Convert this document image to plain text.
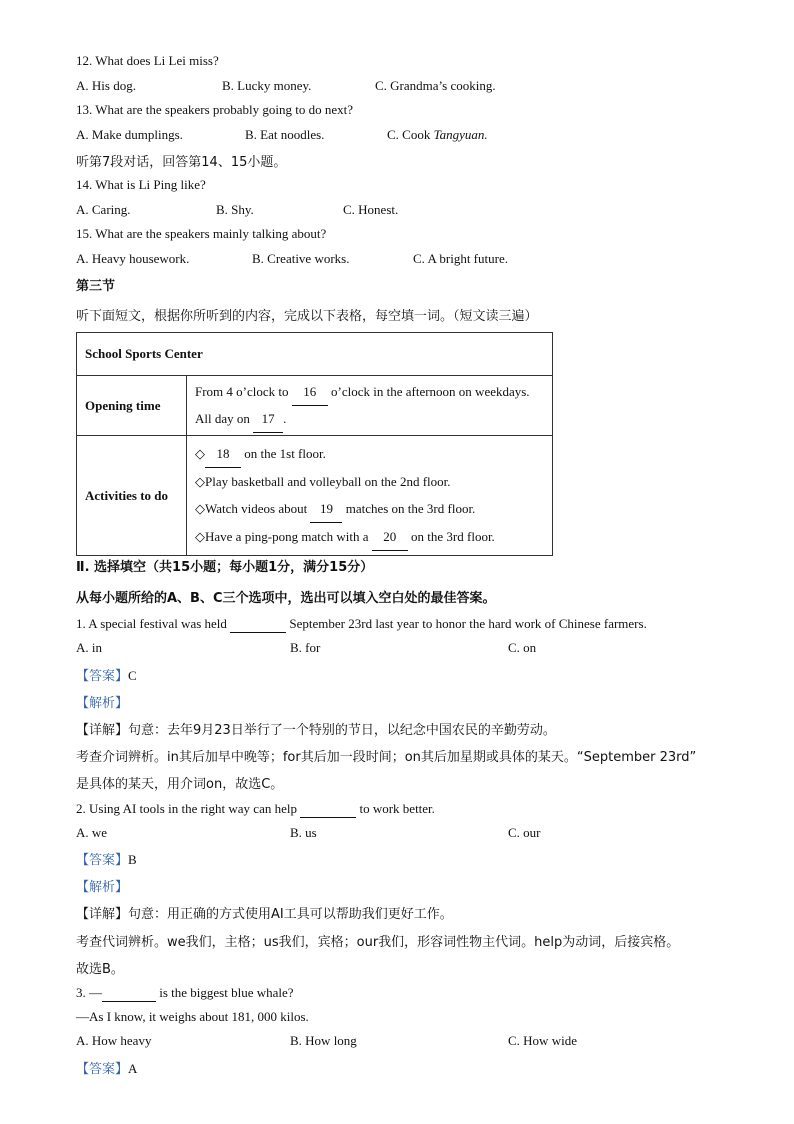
12. What does Li Lei miss?
A. His dog.	B. Lucky money.	C. Grandma’s cooking.
13. What are the speakers probably going to do next?
A. Make dumplings.	B. Eat noodles.	C. Cook Tangyuan.
听第7段对话，回答第14、15小题。
14. What is Li Ping like?
A. Caring.	B. Shy.	C. Honest.
15. What are the speakers mainly talking about?
A. Heavy housework.	B. Creative works.	C. A bright future.
第三节
听下面短文，根据你所听到的内容，完成以下表格，每空填一词。（短文读三遍）
School Sports Center	
Opening time	From 4 o’clock to 16 o’clock in the afternoon on weekdays.
All day on 17 .

Activities to do	◇ 18 on the 1st floor.
◇Play basketball and volleyball on the 2nd floor.
◇Watch videos about 19 matches on the 3rd floor.
◇Have a ping-pong match with a 20 on the 3rd floor.
Ⅱ. 选择填空（共15小题；每小题1分，满分15分）
从每小题所给的A、B、C三个选项中，选出可以填入空白处的最佳答案。
1. A special festival was held	September 23rd last year to honor the hard work of Chinese farmers.
A. in	B. for	C. on
【答案】C
【解析】
【详解】句意：去年9月23日举行了一个特别的节日，以纪念中国农民的辛勤劳动。
考查介词辨析。in其后加早中晚等；for其后加一段时间；on其后加星期或具体的某天。“September 23rd”
是具体的某天，用介词on，故选C。
2. Using AI tools in the right way can help	to work better.
A. we	B. us	C. our
【答案】B
【解析】
【详解】句意：用正确的方式使用AI工具可以帮助我们更好工作。
考查代词辨析。we我们，主格；us我们，宾格；our我们，形容词性物主代词。help为动词，后接宾格。
故选B。
3. —	is the biggest blue whale?
—As I know, it weighs about 181, 000 kilos.
A. How heavy	B. How long	C. How wide
【答案】A
